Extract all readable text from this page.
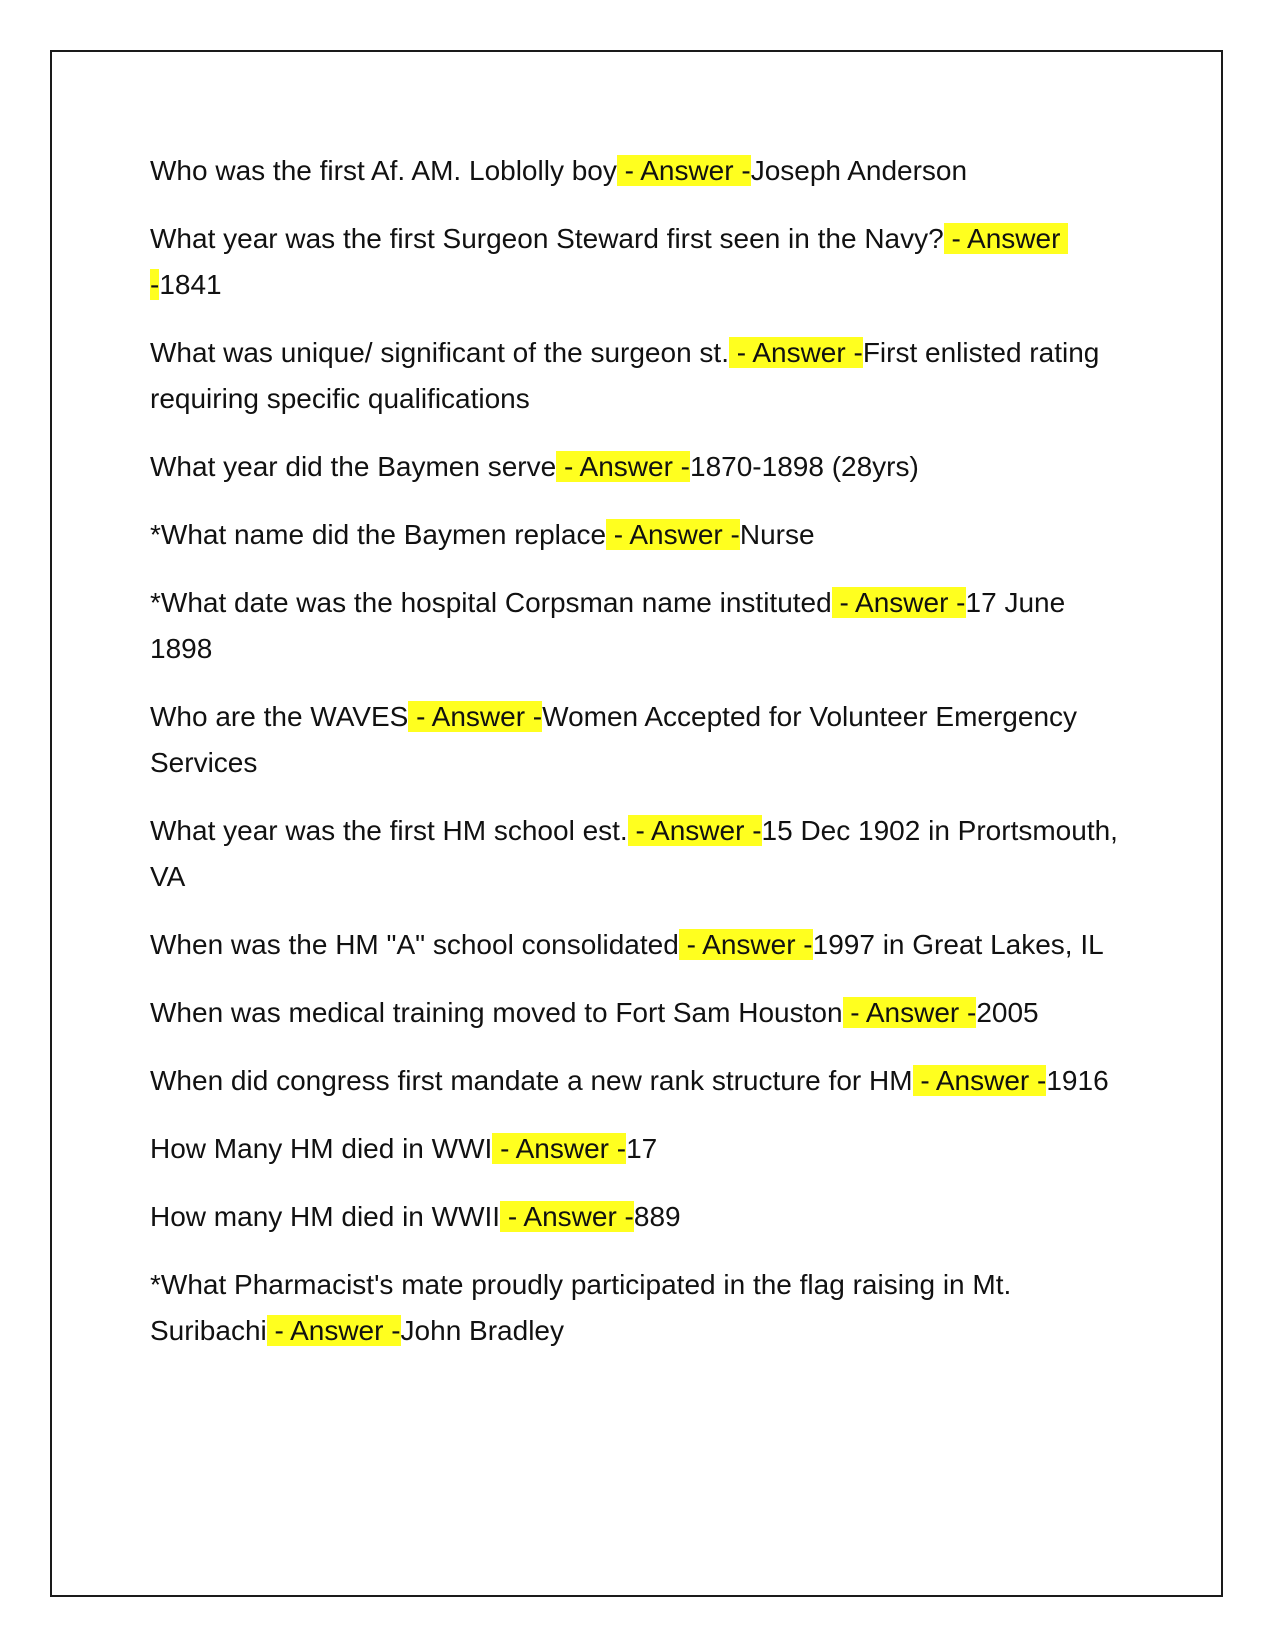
Who was the first Af. AM. Loblolly boy - Answer -Joseph Anderson

What year was the first Surgeon Steward first seen in the Navy? - Answer -1841

What was unique/ significant of the surgeon st. - Answer -First enlisted rating requiring specific qualifications

What year did the Baymen serve - Answer -1870-1898 (28yrs)

*What name did the Baymen replace - Answer -Nurse

*What date was the hospital Corpsman name instituted - Answer -17 June 1898

Who are the WAVES - Answer -Women Accepted for Volunteer Emergency Services

What year was the first HM school est. - Answer -15 Dec 1902 in Prortsmouth, VA

When was the HM "A" school consolidated - Answer -1997 in Great Lakes, IL

When was medical training moved to Fort Sam Houston - Answer -2005

When did congress first mandate a new rank structure for HM - Answer -1916

How Many HM died in WWI - Answer -17

How many HM died in WWII - Answer -889

*What Pharmacist's mate proudly participated in the flag raising in Mt. Suribachi - Answer -John Bradley
